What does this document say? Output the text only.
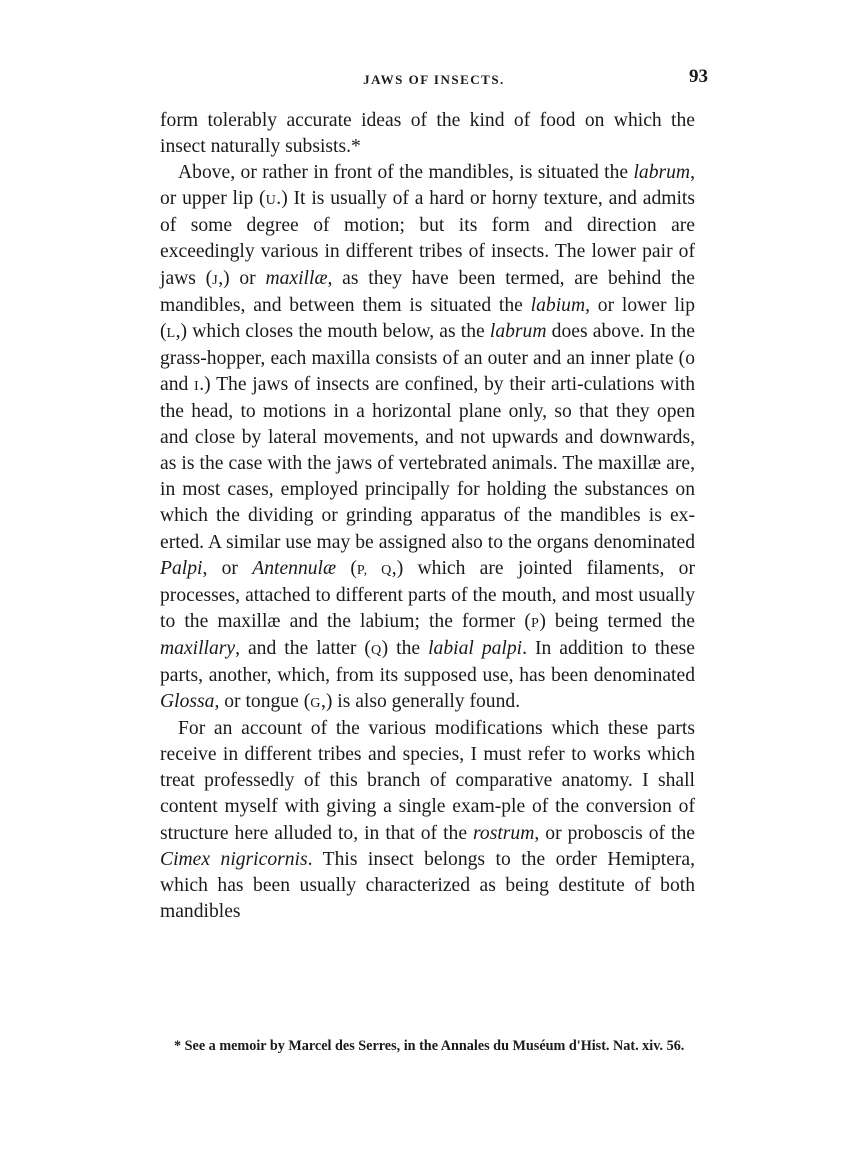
JAWS OF INSECTS.	93

form tolerably accurate ideas of the kind of food on which the insect naturally subsists.*

Above, or rather in front of the mandibles, is situated the labrum, or upper lip (U.) It is usually of a hard or horny texture, and admits of some degree of motion; but its form and direction are exceedingly various in different tribes of insects. The lower pair of jaws (J,) or maxillæ, as they have been termed, are behind the mandibles, and between them is situated the labium, or lower lip (L,) which closes the mouth below, as the labrum does above. In the grass-hopper, each maxilla consists of an outer and an inner plate (o and I.) The jaws of insects are confined, by their arti-culations with the head, to motions in a horizontal plane only, so that they open and close by lateral movements, and not upwards and downwards, as is the case with the jaws of vertebrated animals. The maxillæ are, in most cases, employed principally for holding the substances on which the dividing or grinding apparatus of the mandibles is ex-erted. A similar use may be assigned also to the organs denominated Palpi, or Antennulæ (P, Q,) which are jointed filaments, or processes, attached to different parts of the mouth, and most usually to the maxillæ and the labium; the former (P) being termed the maxillary, and the latter (Q) the labial palpi. In addition to these parts, another, which, from its supposed use, has been denominated Glossa, or tongue (G,) is also generally found.

For an account of the various modifications which these parts receive in different tribes and species, I must refer to works which treat professedly of this branch of comparative anatomy. I shall content myself with giving a single exam-ple of the conversion of structure here alluded to, in that of the rostrum, or proboscis of the Cimex nigricornis. This insect belongs to the order Hemiptera, which has been usually characterized as being destitute of both mandibles

* See a memoir by Marcel des Serres, in the Annales du Muséum d'Hist. Nat. xiv. 56.
